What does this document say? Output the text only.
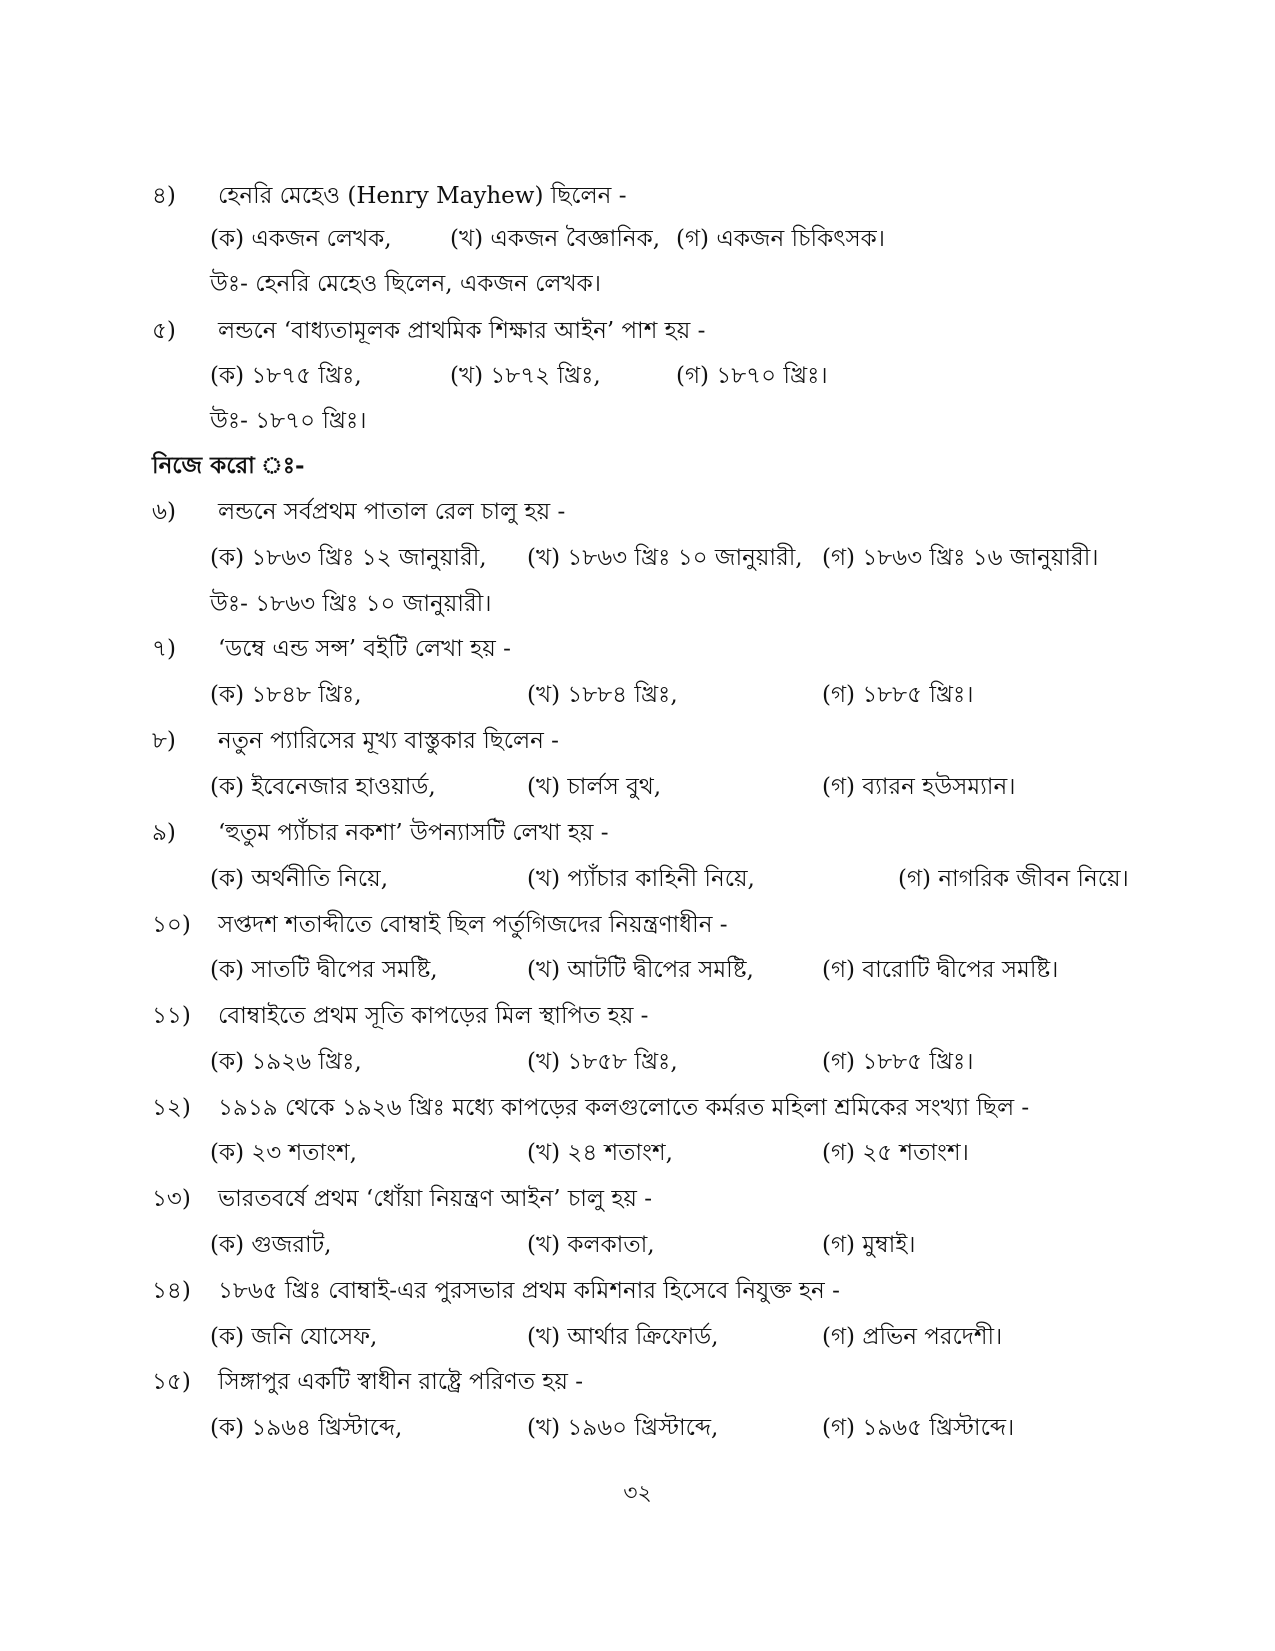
৪) হেনরি মেহেও (Henry Mayhew) ছিলেন -
(ক) একজন লেখক,	(খ) একজন বৈজ্ঞানিক, (গ) একজন চিকিৎসক।
উঃ- হেনরি মেহেও ছিলেন, একজন লেখক।
৫) লন্ডনে ‘বাধ্যতামূলক প্রাথমিক শিক্ষার আইন’ পাশ হয় -
(ক) ১৮৭৫ খ্রিঃ,	(খ) ১৮৭২ খ্রিঃ,	(গ) ১৮৭০ খ্রিঃ।
উঃ- ১৮৭০ খ্রিঃ।
নিজে করো ঃ-
৬) লন্ডনে সর্বপ্রথম পাতাল রেল চালু হয় -
(ক) ১৮৬৩ খ্রিঃ ১২ জানুয়ারী, (খ) ১৮৬৩ খ্রিঃ ১০ জানুয়ারী, (গ) ১৮৬৩ খ্রিঃ ১৬ জানুয়ারী।
উঃ- ১৮৬৩ খ্রিঃ ১০ জানুয়ারী।
৭) ‘ডম্বে এন্ড সন্স’ বইটি লেখা হয় -
(ক) ১৮৪৮ খ্রিঃ,	(খ) ১৮৮৪ খ্রিঃ,	(গ) ১৮৮৫ খ্রিঃ।
৮) নতুন প্যারিসের মূখ্য বাস্তুকার ছিলেন -
(ক) ইবেনেজার হাওয়ার্ড,	(খ) চার্লস বুথ,	(গ) ব্যারন হউসম্যান।
৯) ‘হুতুম প্যাঁচার নকশা’ উপন্যাসটি লেখা হয় -
(ক) অর্থনীতি নিয়ে,	(খ) প্যাঁচার কাহিনী নিয়ে,	(গ) নাগরিক জীবন নিয়ে।
১০) সপ্তদশ শতাব্দীতে বোম্বাই ছিল পর্তুগিজদের নিয়ন্ত্রণাধীন -
(ক) সাতটি দ্বীপের সমষ্টি,	(খ) আটটি দ্বীপের সমষ্টি,	(গ) বারোটি দ্বীপের সমষ্টি।
১১) বোম্বাইতে প্রথম সূতি কাপড়ের মিল স্থাপিত হয় -
(ক) ১৯২৬ খ্রিঃ,	(খ) ১৮৫৮ খ্রিঃ,	(গ) ১৮৮৫ খ্রিঃ।
১২) ১৯১৯ থেকে ১৯২৬ খ্রিঃ মধ্যে কাপড়ের কলগুলোতে কর্মরত মহিলা শ্রমিকের সংখ্যা ছিল -
(ক) ২৩ শতাংশ,	(খ) ২৪ শতাংশ,	(গ) ২৫ শতাংশ।
১৩) ভারতবর্ষে প্রথম ‘ধোঁয়া নিয়ন্ত্রণ আইন’ চালু হয় -
(ক) গুজরাট,	(খ) কলকাতা,	(গ) মুম্বাই।
১৪) ১৮৬৫ খ্রিঃ বোম্বাই-এর পুরসভার প্রথম কমিশনার হিসেবে নিযুক্ত হন -
(ক) জনি যোসেফ,	(খ) আর্থার ক্রিফোর্ড,	(গ) প্রভিন পরদেশী।
১৫) সিঙ্গাপুর একটি স্বাধীন রাষ্ট্রে পরিণত হয় -
(ক) ১৯৬৪ খ্রিস্টাব্দে,	(খ) ১৯৬০ খ্রিস্টাব্দে,	(গ) ১৯৬৫ খ্রিস্টাব্দে।
৩২
